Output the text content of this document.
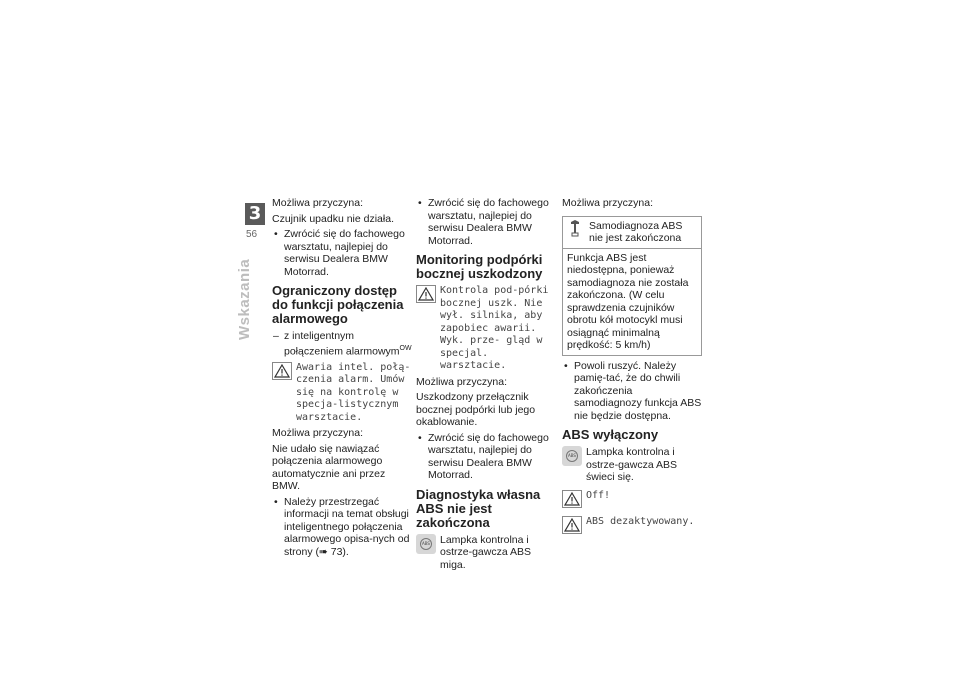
3
56
Wskazania

Możliwa przyczyna:

Czujnik upadku nie działa.

• Zwrócić się do fachowego warsztatu, najlepiej do serwisu Dealera BMW Motorrad.
Ograniczony dostęp do funkcji połączenia alarmowego
– z inteligentnym połączeniem alarmowym$^{OW}$
Awaria intel. połą-czenia alarm. Umów się na kontrolę w specja-listycznym warsztacie.

Możliwa przyczyna:

Nie udało się nawiązać połączenia alarmowego automatycznie ani przez BMW.

• Należy przestrzegać informacji na temat obsługi inteligentnego połączenia alarmowego opisa-nych od strony (➠ 73).
• Zwrócić się do fachowego warsztatu, najlepiej do serwisu Dealera BMW Motorrad.
Monitoring podpórki bocznej uszkodzony
Kontrola pod-pórki bocznej uszk. Nie wył. silnika, aby zapobiec awarii. Wyk. prze- gląd w specjal. warsztacie.

Możliwa przyczyna:

Uszkodzony przełącznik bocznej podpórki lub jego okablowanie.

• Zwrócić się do fachowego warsztatu, najlepiej do serwisu Dealera BMW Motorrad.
Diagnostyka własna ABS nie jest zakończona
ABS Lampka kontrolna i ostrze-gawcza ABS miga.

Możliwa przyczyna:

Samodiagnoza ABS nie jest zakończona
Funkcja ABS jest niedostępna, ponieważ samodiagnoza nie została zakończona. (W celu sprawdzenia czujników obrotu kół motocykl musi osiągnąć minimalną prędkość: 5 km/h)
• Powoli ruszyć. Należy pamię-tać, że do chwili zakończenia samodiagnozy funkcja ABS nie będzie dostępna.
ABS wyłączony
ABS Lampka kontrolna i ostrze-gawcza ABS świeci się.
Off!
ABS dezaktywowany.
